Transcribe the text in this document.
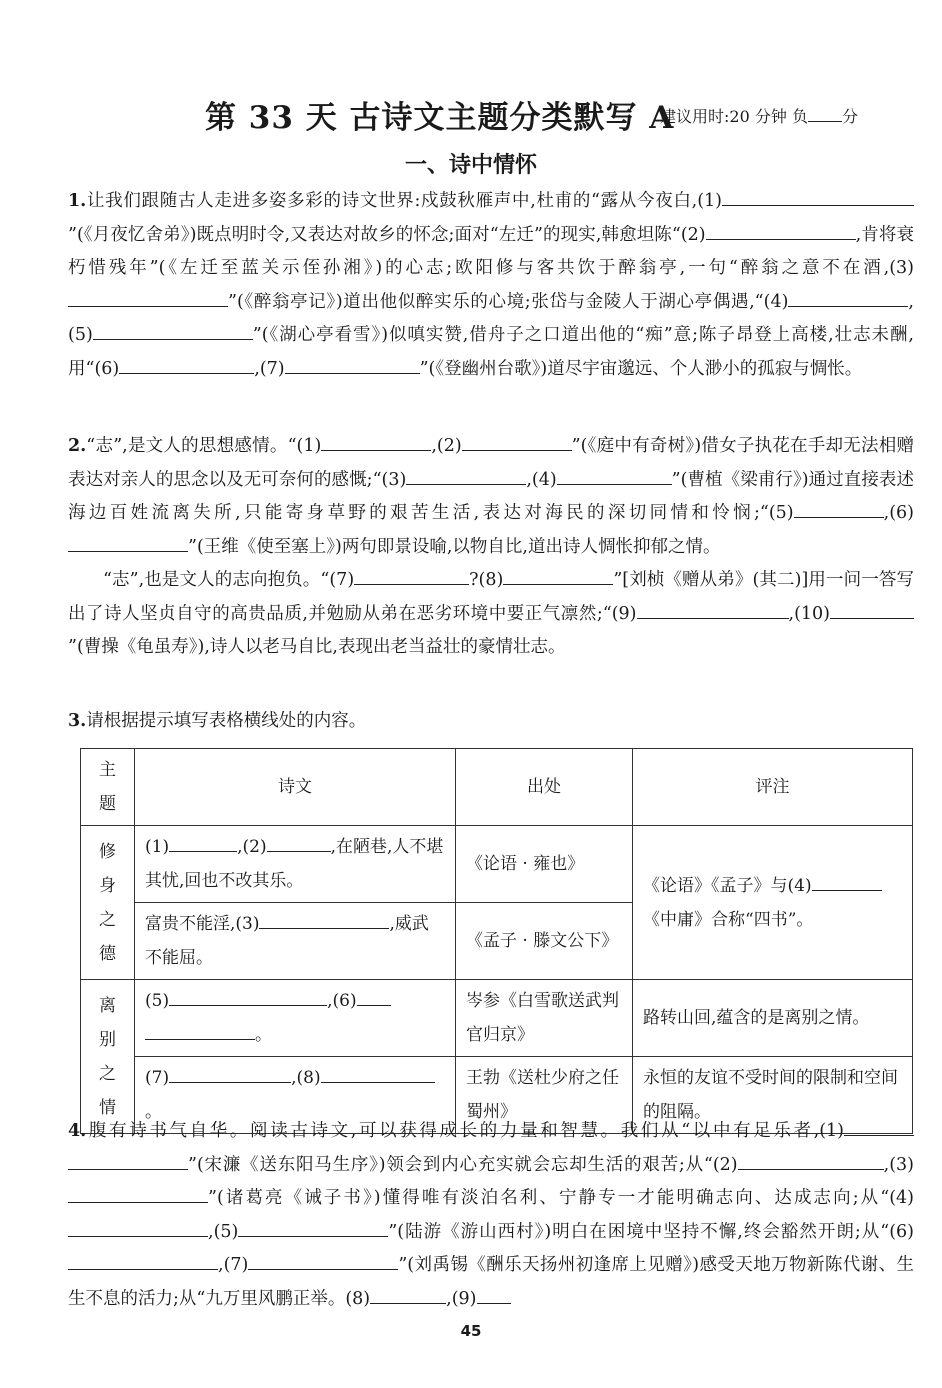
第 33 天 古诗文主题分类默写 A
建议用时:20 分钟 负 分
一、诗中情怀
1.让我们跟随古人走进多姿多彩的诗文世界:戍鼓秋雁声中,杜甫的“露从今夜白,(1)”(《月夜忆舍弟》)既点明时令,又表达对故乡的怀念;面对“左迁”的现实,韩愈坦陈“(2)	,肯将衰朽惜残年”(《左迁至蓝关示侄孙湘》)的心志;欧阳修与客共饮于醉翁亭,一句“醉翁之意不在酒,(3)”(《醉翁亭记》)道出他似醉实乐的心境;张岱与金陵人于湖心亭偶遇,“(4)	,(5)	”(《湖心亭看雪》)似嗔实赞,借舟子之口道出他的“痴”意;陈子昂登上高楼,壮志未酬,用“(6)	,(7)	”(《登幽州台歌》)道尽宇宙邈远、个人渺小的孤寂与惆怅。
2.“志”,是文人的思想感情。“(1)	,(2)	”(《庭中有奇树》)借女子执花在手却无法相赠表达对亲人的思念以及无可奈何的感慨;“(3)	,(4)	”(曹植《梁甫行》)通过直接表述海边百姓流离失所,只能寄身草野的艰苦生活,表达对海民的深切同情和怜悯;“(5)	,(6)”(王维《使至塞上》)两句即景设喻,以物自比,道出诗人惆怅抑郁之情。
“志”,也是文人的志向抱负。“(7)	?(8)	”[刘桢《赠从弟》(其二)]用一问一答写出了诗人坚贞自守的高贵品质,并勉励从弟在恶劣环境中要正气凛然;“(9)	,(10)”(曹操《龟虽寿》),诗人以老马自比,表现出老当益壮的豪情壮志。
3.请根据提示填写表格横线处的内容。
主题	诗文	出处	评注
修身之德	(1) ,(2) ,在陋巷,人不堪其忧,回也不改其乐。	《论语 · 雍也》	《论语》《孟子》与(4)《中庸》合称“四书”。
	富贵不能淫,(3) ,威武不能屈。	《孟子 · 滕文公下》	
离别之情	(5) ,(6)。	岑参《白雪歌送武判官归京》	路转山回,蕴含的是离别之情。
	(7) ,(8)。	王勃《送杜少府之任蜀州》	永恒的友谊不受时间的限制和空间的阻隔。
4.腹有诗书气自华。阅读古诗文,可以获得成长的力量和智慧。我们从“以中有足乐者,(1)”(宋濂《送东阳马生序》)领会到内心充实就会忘却生活的艰苦;从“(2)	,(3)”(诸葛亮《诫子书》)懂得唯有淡泊名利、宁静专一才能明确志向、达成志向;从“(4),(5)	”(陆游《游山西村》)明白在困境中坚持不懈,终会豁然开朗;从“(6),(7)	”(刘禹锡《酬乐天扬州初逢席上见赠》)感受天地万物新陈代谢、生生不息的活力;从“九万里风鹏正举。(8)	,(9)
45
